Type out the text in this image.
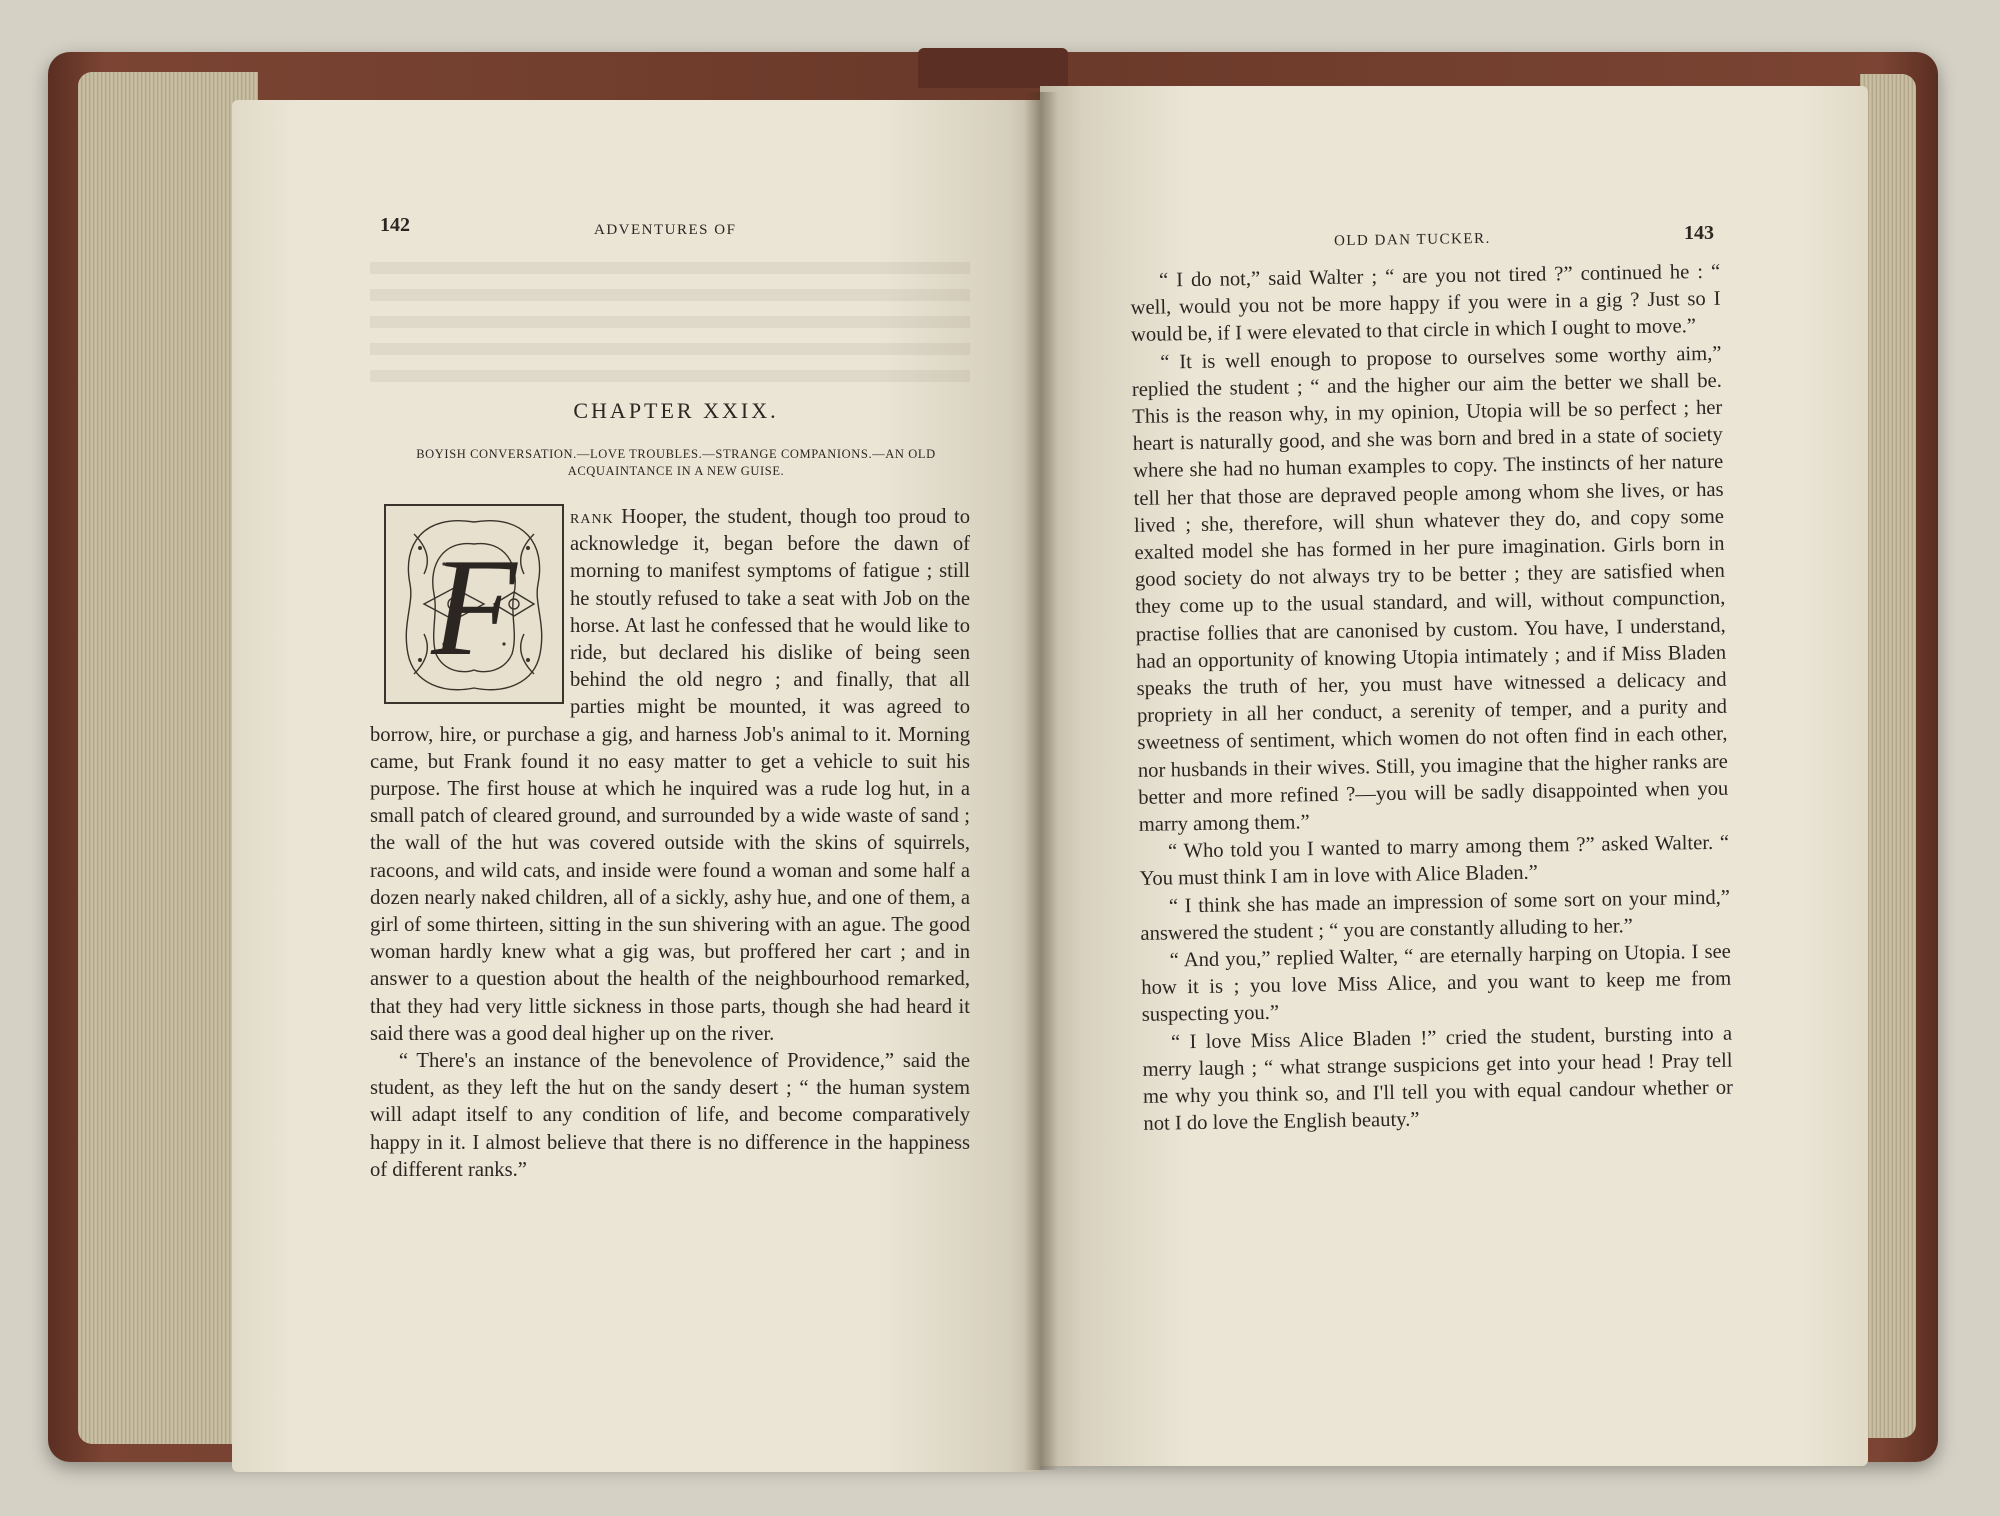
142	ADVENTURES OF
CHAPTER XXIX.
BOYISH CONVERSATION.—LOVE TROUBLES.—STRANGE COMPANIONS.—AN OLD ACQUAINTANCE IN A NEW GUISE.
F

rank Hooper, the student, though too proud to acknowledge it, began before the dawn of morning to manifest symptoms of fatigue ; still he stoutly refused to take a seat with Job on the horse. At last he confessed that he would like to ride, but declared his dislike of being seen behind the old negro ; and finally, that all parties might be mounted, it was agreed to borrow, hire, or purchase a gig, and harness Job's animal to it. Morning came, but Frank found it no easy matter to get a vehicle to suit his purpose. The first house at which he inquired was a rude log hut, in a small patch of cleared ground, and surrounded by a wide waste of sand ; the wall of the hut was covered outside with the skins of squirrels, racoons, and wild cats, and inside were found a woman and some half a dozen nearly naked children, all of a sickly, ashy hue, and one of them, a girl of some thirteen, sitting in the sun shivering with an ague. The good woman hardly knew what a gig was, but proffered her cart ; and in answer to a question about the health of the neighbourhood remarked, that they had very little sickness in those parts, though she had heard it said there was a good deal higher up on the river.

“ There's an instance of the benevolence of Providence,” said the student, as they left the hut on the sandy desert ; “ the human system will adapt itself to any condition of life, and become comparatively happy in it. I almost believe that there is no difference in the happiness of different ranks.”

OLD DAN TUCKER.	143

“ I do not,” said Walter ; “ are you not tired ?” continued he : “ well, would you not be more happy if you were in a gig ? Just so I would be, if I were elevated to that circle in which I ought to move.”

“ It is well enough to propose to ourselves some worthy aim,” replied the student ; “ and the higher our aim the better we shall be. This is the reason why, in my opinion, Utopia will be so perfect ; her heart is naturally good, and she was born and bred in a state of society where she had no human examples to copy. The instincts of her nature tell her that those are depraved people among whom she lives, or has lived ; she, therefore, will shun whatever they do, and copy some exalted model she has formed in her pure imagination. Girls born in good society do not always try to be better ; they are satisfied when they come up to the usual standard, and will, without compunction, practise follies that are canonised by custom. You have, I understand, had an opportunity of knowing Utopia intimately ; and if Miss Bladen speaks the truth of her, you must have witnessed a delicacy and propriety in all her conduct, a serenity of temper, and a purity and sweetness of sentiment, which women do not often find in each other, nor husbands in their wives. Still, you imagine that the higher ranks are better and more refined ?—you will be sadly disappointed when you marry among them.”

“ Who told you I wanted to marry among them ?” asked Walter. “ You must think I am in love with Alice Bladen.”

“ I think she has made an impression of some sort on your mind,” answered the student ; “ you are constantly alluding to her.”

“ And you,” replied Walter, “ are eternally harping on Utopia. I see how it is ; you love Miss Alice, and you want to keep me from suspecting you.”

“ I love Miss Alice Bladen !” cried the student, bursting into a merry laugh ; “ what strange suspicions get into your head ! Pray tell me why you think so, and I'll tell you with equal candour whether or not I do love the English beauty.”
